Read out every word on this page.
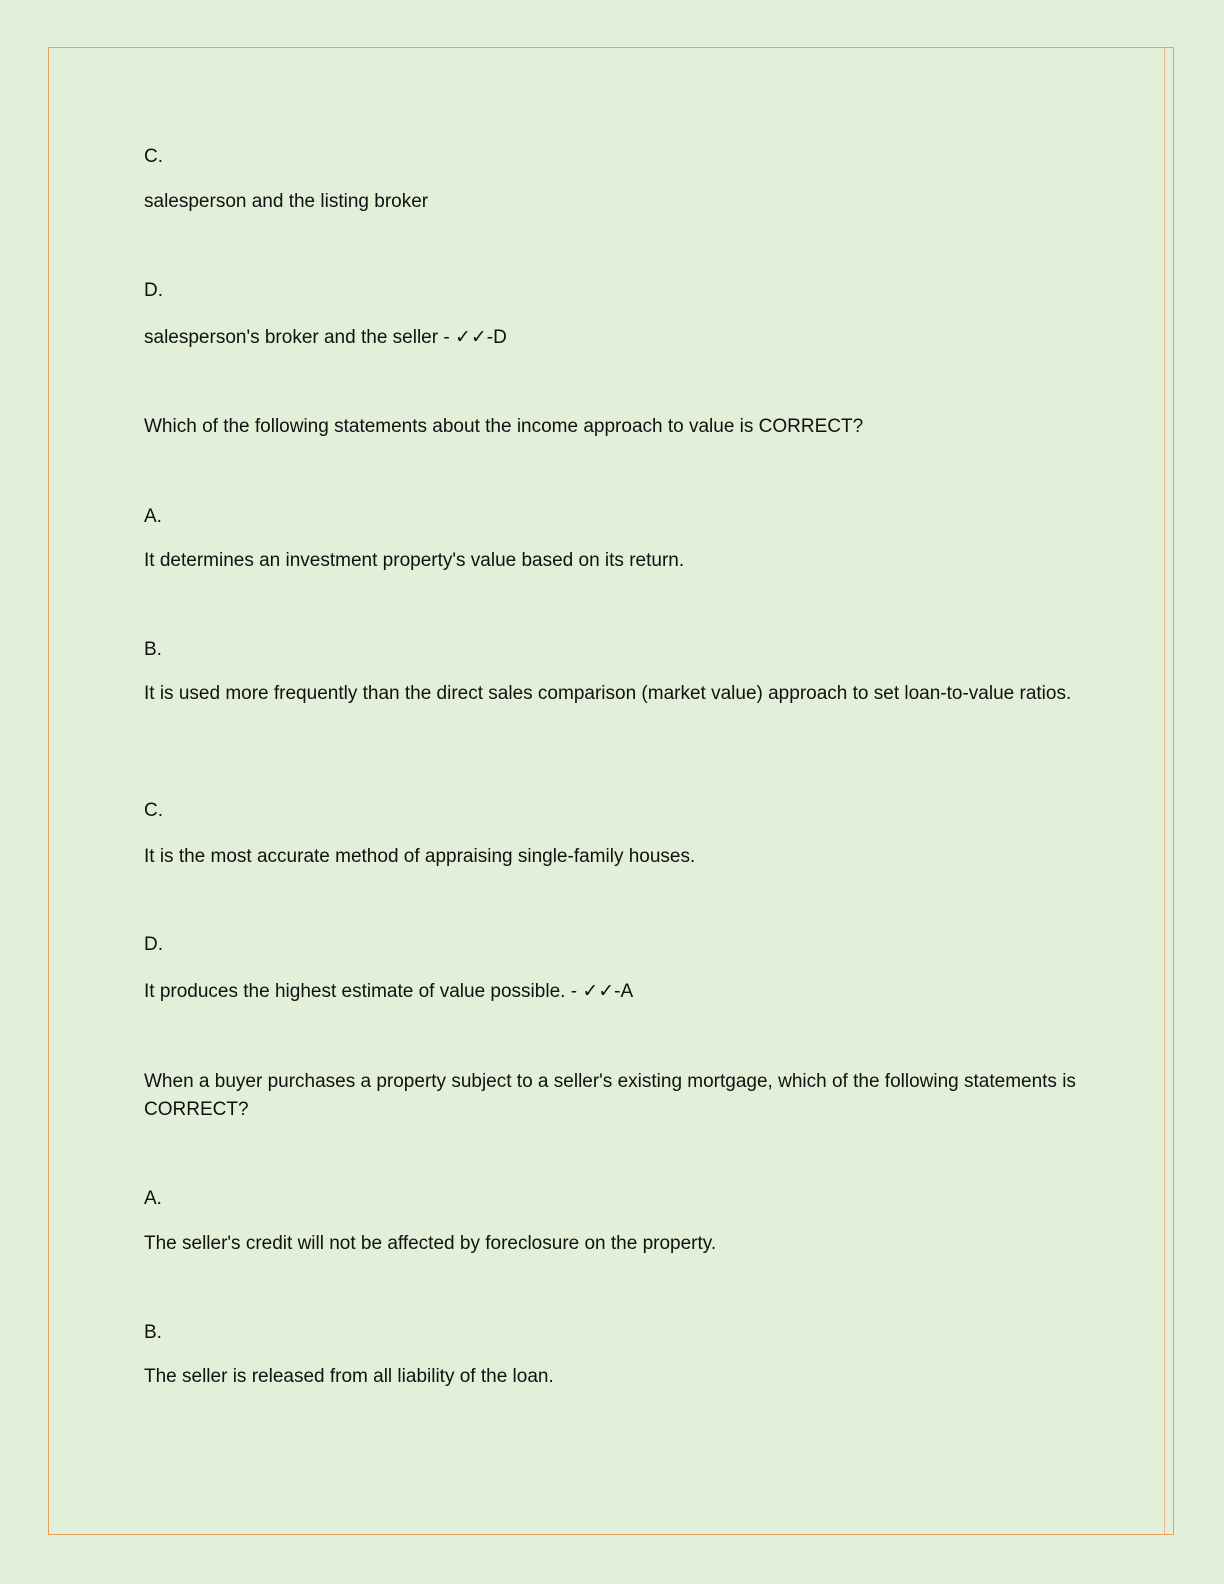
C.
salesperson and the listing broker
D.
salesperson's broker and the seller - ✓✓-D
Which of the following statements about the income approach to value is CORRECT?
A.
It determines an investment property's value based on its return.
B.
It is used more frequently than the direct sales comparison (market value) approach to set loan-to-value ratios.
C.
It is the most accurate method of appraising single-family houses.
D.
It produces the highest estimate of value possible. - ✓✓-A
When a buyer purchases a property subject to a seller's existing mortgage, which of the following statements is CORRECT?
A.
The seller's credit will not be affected by foreclosure on the property.
B.
The seller is released from all liability of the loan.
